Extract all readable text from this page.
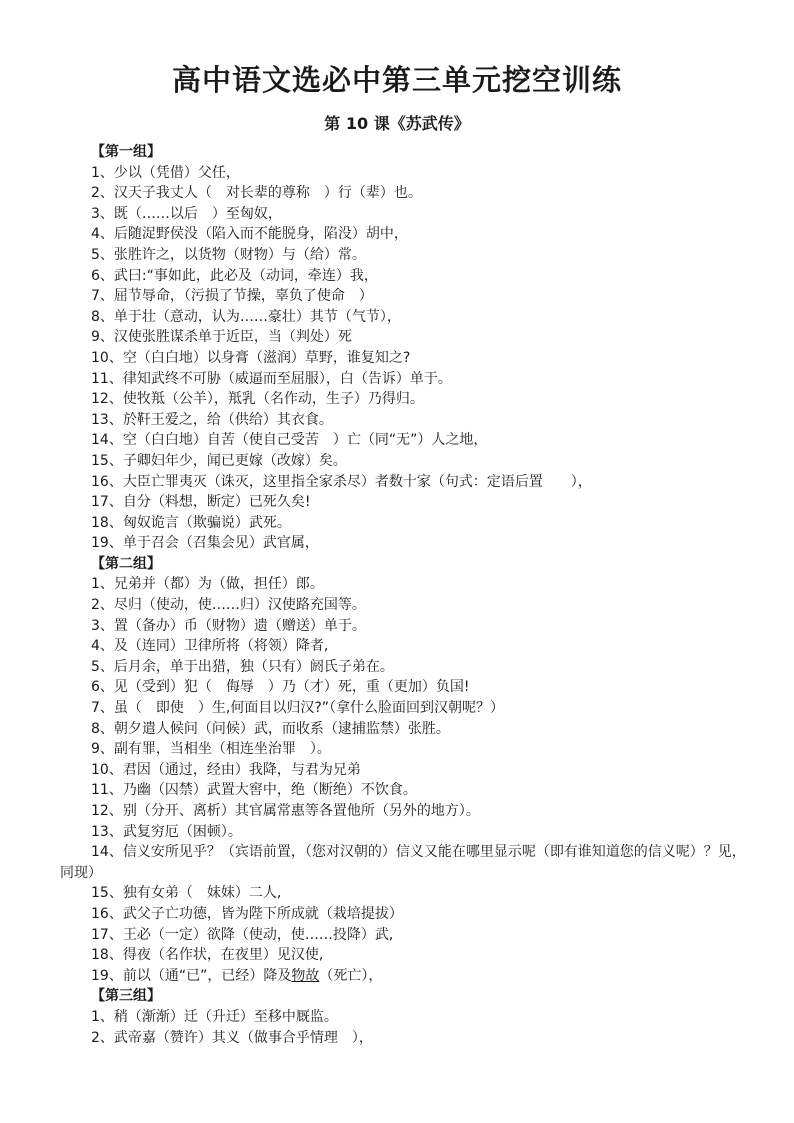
高中语文选必中第三单元挖空训练
第 10 课《苏武传》
【第一组】
1、少以（凭借）父任，
2、汉天子我丈人（　对长辈的尊称　）行（辈）也。
3、既（……以后　）至匈奴，
4、后随浞野侯没（陷入而不能脱身，陷没）胡中，
5、张胜许之，以货物（财物）与（给）常。
6、武曰:“事如此，此必及（动词，牵连）我，
7、屈节辱命，（污损了节操，辜负了使命　）
8、单于壮（意动，认为……豪壮）其节（气节），
9、汉使张胜谋杀单于近臣，当（判处）死
10、空（白白地）以身膏（滋润）草野，谁复知之?
11、律知武终不可胁（威逼而至屈服），白（告诉）单于。
12、使牧羝（公羊），羝乳（名作动，生子）乃得归。
13、於靬王爱之，给（供给）其衣食。
14、空（白白地）自苦（使自己受苦　）亡（同“无”）人之地，
15、子卿妇年少，闻已更嫁（改嫁）矣。
16、大臣亡罪夷灭（诛灭，这里指全家杀尽）者数十家（句式：定语后置　　），
17、自分（料想，断定）已死久矣!
18、匈奴诡言（欺骗说）武死。
19、单于召会（召集会见）武官属，
【第二组】
1、兄弟并（都）为（做，担任）郎。
2、尽归（使动，使……归）汉使路充国等。
3、置（备办）币（财物）遗（赠送）单于。
4、及（连同）卫律所将（将领）降者,
5、后月余，单于出猎，独（只有）阏氏子弟在。
6、见（受到）犯（　侮辱　）乃（才）死，重（更加）负国!
7、虽（　即使　）生,何面目以归汉?”（拿什么脸面回到汉朝呢？）
8、朝夕遣人候问（问候）武，而收系（逮捕监禁）张胜。
9、副有罪，当相坐（相连坐治罪　）。
10、君因（通过，经由）我降，与君为兄弟
11、乃幽（囚禁）武置大窖中，绝（断绝）不饮食。
12、别（分开、离析）其官属常惠等各置他所（另外的地方）。
13、武复穷厄（困顿）。
14、信义安所见乎？（宾语前置，（您对汉朝的）信义又能在哪里显示呢（即有谁知道您的信义呢）？见，同现）
15、独有女弟（　妹妹）二人,
16、武父子亡功德，皆为陛下所成就（栽培提拔）
17、王必（一定）欲降（使动，使……投降）武,
18、得夜（名作状，在夜里）见汉使,
19、前以（通“已”，已经）降及物故（死亡），
【第三组】
1、稍（渐渐）迁（升迁）至移中厩监。
2、武帝嘉（赞许）其义（做事合乎情理　），
